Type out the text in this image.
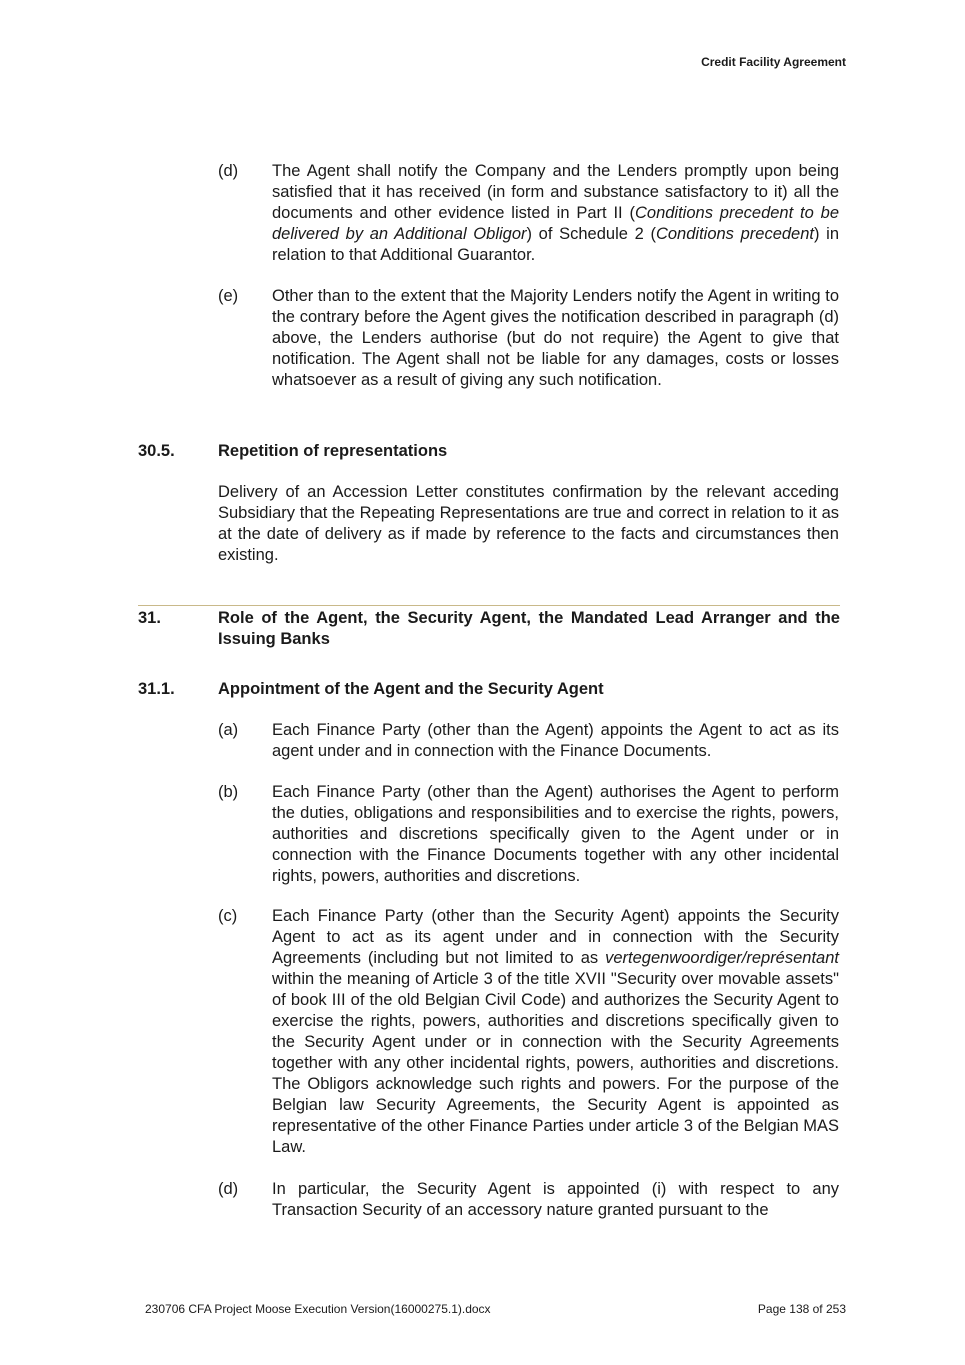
Credit Facility Agreement
(d)	The Agent shall notify the Company and the Lenders promptly upon being satisfied that it has received (in form and substance satisfactory to it) all the documents and other evidence listed in Part II (Conditions precedent to be delivered by an Additional Obligor) of Schedule 2 (Conditions precedent) in relation to that Additional Guarantor.
(e)	Other than to the extent that the Majority Lenders notify the Agent in writing to the contrary before the Agent gives the notification described in paragraph (d) above, the Lenders authorise (but do not require) the Agent to give that notification. The Agent shall not be liable for any damages, costs or losses whatsoever as a result of giving any such notification.
30.5.	Repetition of representations
Delivery of an Accession Letter constitutes confirmation by the relevant acceding Subsidiary that the Repeating Representations are true and correct in relation to it as at the date of delivery as if made by reference to the facts and circumstances then existing.
31.	Role of the Agent, the Security Agent, the Mandated Lead Arranger and the Issuing Banks
31.1.	Appointment of the Agent and the Security Agent
(a)	Each Finance Party (other than the Agent) appoints the Agent to act as its agent under and in connection with the Finance Documents.
(b)	Each Finance Party (other than the Agent) authorises the Agent to perform the duties, obligations and responsibilities and to exercise the rights, powers, authorities and discretions specifically given to the Agent under or in connection with the Finance Documents together with any other incidental rights, powers, authorities and discretions.
(c)	Each Finance Party (other than the Security Agent) appoints the Security Agent to act as its agent under and in connection with the Security Agreements (including but not limited to as vertegenwoordiger/représentant within the meaning of Article 3 of the title XVII "Security over movable assets" of book III of the old Belgian Civil Code) and authorizes the Security Agent to exercise the rights, powers, authorities and discretions specifically given to the Security Agent under or in connection with the Security Agreements together with any other incidental rights, powers, authorities and discretions. The Obligors acknowledge such rights and powers. For the purpose of the Belgian law Security Agreements, the Security Agent is appointed as representative of the other Finance Parties under article 3 of the Belgian MAS Law.
(d)	In particular, the Security Agent is appointed (i) with respect to any Transaction Security of an accessory nature granted pursuant to the
230706 CFA Project Moose Execution Version(16000275.1).docx	Page 138 of 253
